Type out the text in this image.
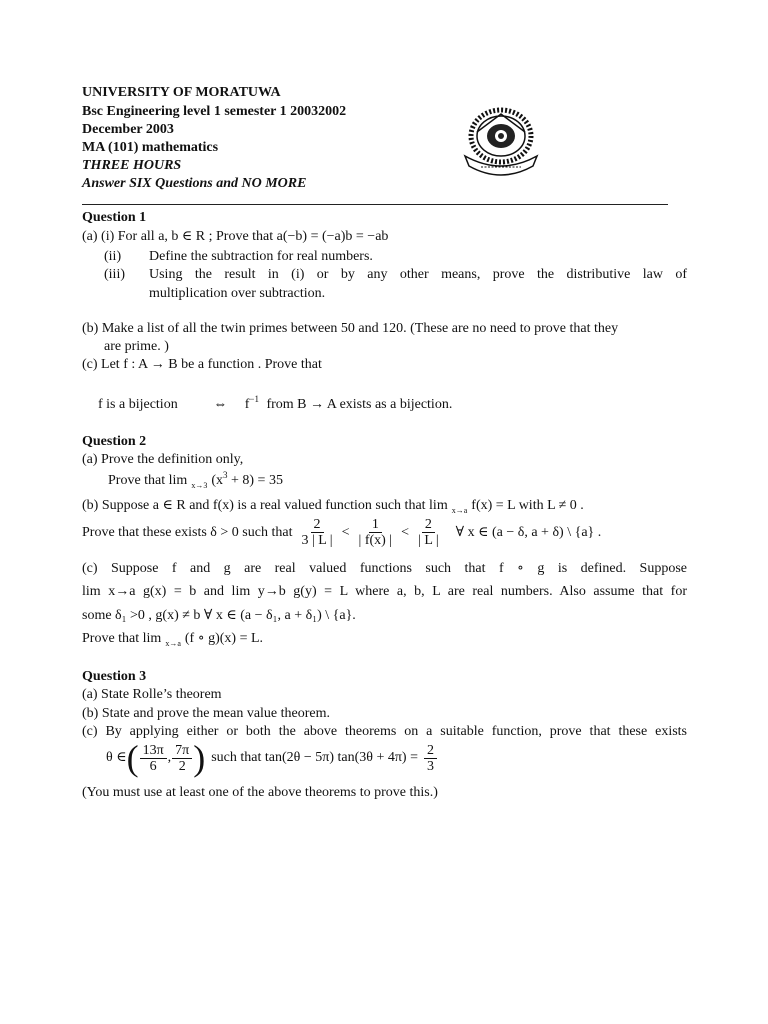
UNIVERSITY OF MORATUWA
Bsc Engineering level 1 semester 1 20032002
December 2003
MA (101) mathematics
THREE HOURS
Answer SIX Questions and NO MORE
Question 1
(a) (i) For all a, b ∈ R ; Prove that a(−b) = (−a)b = −ab
(ii) Define the subtraction for real numbers.
(iii) Using the result in (i) or by any other means, prove the distributive law of
multiplication over subtraction.
(b) Make a list of all the twin primes between 50 and 120. (These are no need to prove that they
are prime. )
(c) Let f : A → B be a function . Prove that
f is a bijection	⇔ $f^{-1}$ from B → A exists as a bijection.
Question 2
(a) Prove the definition only,
Prove that lim $_{x\to 3}$ $(x^3 + 8) = 35$
(b) Suppose a ∈ R and f(x) is a real valued function such that lim $_{x\to a}$ f(x) = L with L ≠ 0 .
Prove that these exists δ > 0 such that $\frac{2}{3 | L |} < \frac{1}{| f(x) |} < \frac{2}{| L |}$ ∀ x ∈ (a − δ, a + δ) \ {a} .
(c) Suppose f and g are real valued functions such that f ∘ g is defined. Suppose
lim x→a g(x) = b and lim y→b g(y) = L where a, b, L are real numbers. Also assume that for
some δ₁ >0 , g(x) ≠ b ∀ x ∈ (a − δ₁, a + δ₁) \ {a}.
Prove that lim $_{x\to a}$ (f ∘ g)(x) = L.
Question 3
(a) State Rolle’s theorem
(b) State and prove the mean value theorem.
(c) By applying either or both the above theorems on a suitable function, prove that these exists
θ ∈ ( $\frac{13\pi}{6}$ , $\frac{7\pi}{2}$ ) such that tan(2θ − 5π) $\tan(3\theta + 4\pi) = \frac{2}{3}$
(You must use at least one of the above theorems to prove this.)
